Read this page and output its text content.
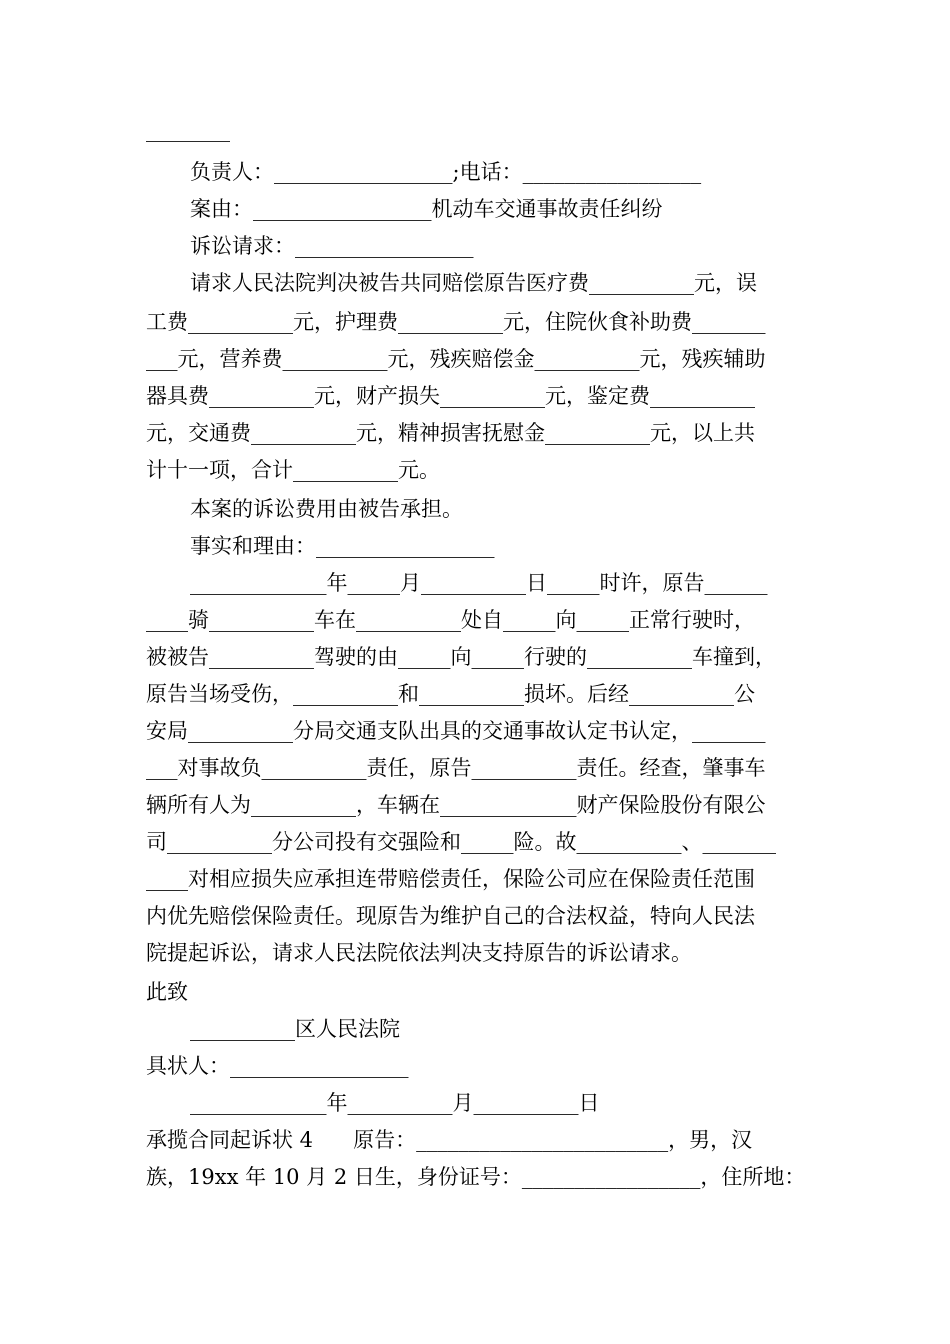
________
负责人：_________________;电话：_________________
案由：_________________机动车交通事故责任纠纷
诉讼请求：_________________
请求人民法院判决被告共同赔偿原告医疗费__________元，误
工费__________元，护理费__________元，住院伙食补助费_______
___元，营养费__________元，残疾赔偿金__________元，残疾辅助
器具费__________元，财产损失__________元，鉴定费__________
元，交通费__________元，精神损害抚慰金__________元，以上共
计十一项，合计__________元。
本案的诉讼费用由被告承担。
事实和理由：_________________
_____________年_____月__________日_____时许，原告______
____骑__________车在__________处自_____向_____正常行驶时，
被被告__________驾驶的由_____向_____行驶的__________车撞到，
原告当场受伤，__________和__________损坏。后经__________公
安局__________分局交通支队出具的交通事故认定书认定，_______
___对事故负__________责任，原告__________责任。经查，肇事车
辆所有人为__________，车辆在_____________财产保险股份有限公
司__________分公司投有交强险和_____险。故__________、_______
____对相应损失应承担连带赔偿责任，保险公司应在保险责任范围
内优先赔偿保险责任。现原告为维护自己的合法权益，特向人民法
院提起诉讼，请求人民法院依法判决支持原告的诉讼请求。
此致
__________区人民法院
具状人：_________________
_____________年__________月__________日
承揽合同起诉状 4      原告：________________________，男，汉
族，19xx 年 10 月 2 日生，身份证号：_________________，住所地：
